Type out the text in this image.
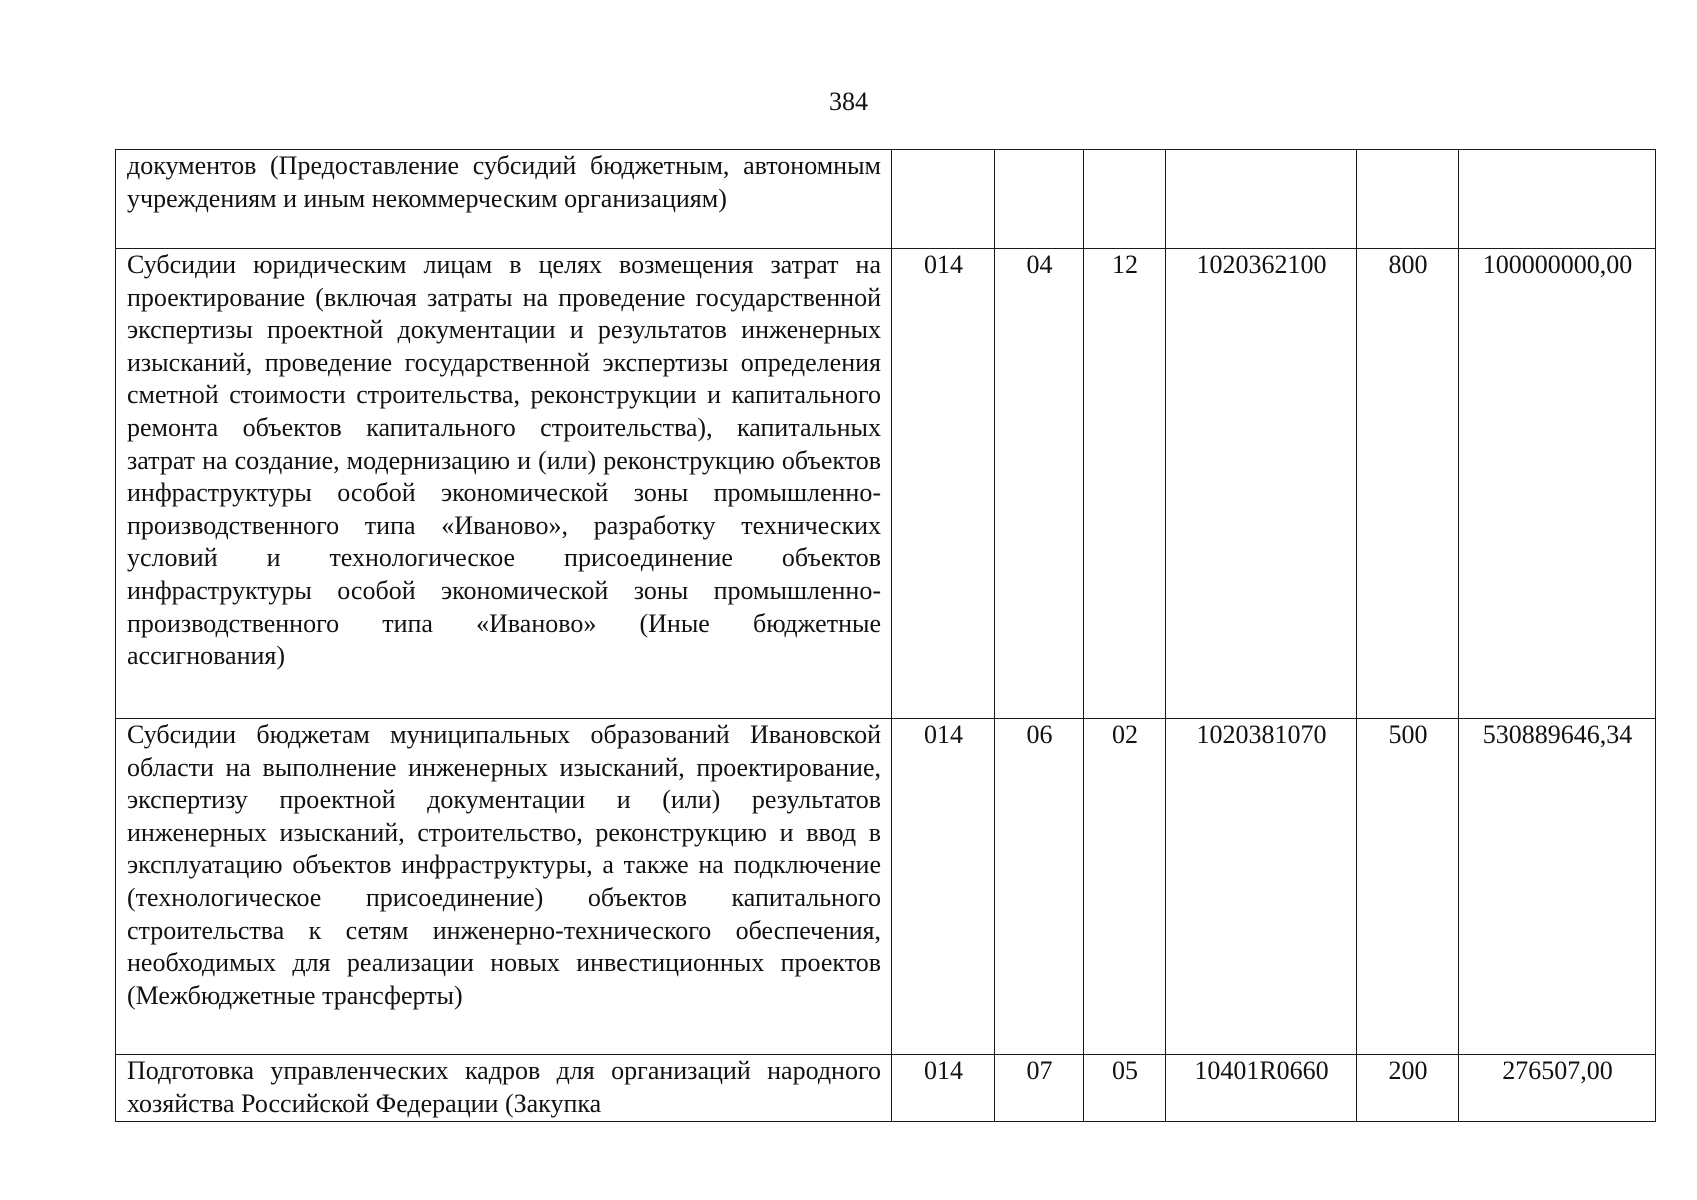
384
документов (Предоставление субсидий бюджетным, автономным учреждениям и иным некоммерческим организациям)						
Субсидии юридическим лицам в целях возмещения затрат на проектирование (включая затраты на проведение государственной экспертизы проектной документации и результатов инженерных изысканий, проведение государственной экспертизы определения сметной стоимости строительства, реконструкции и капитального ремонта объектов капитального строительства), капитальных затрат на создание, модернизацию и (или) реконструкцию объектов инфраструктуры особой экономической зоны промышленно-производственного типа «Иваново», разработку технических условий и технологическое присоединение объектов инфраструктуры особой экономической зоны промышленно-производственного типа «Иваново» (Иные бюджетные ассигнования)	014	04	12	1020362100	800	100000000,00
Субсидии бюджетам муниципальных образований Ивановской области на выполнение инженерных изысканий, проектирование, экспертизу проектной документации и (или) результатов инженерных изысканий, строительство, реконструкцию и ввод в эксплуатацию объектов инфраструктуры, а также на подключение (технологическое присоединение) объектов капитального строительства к сетям инженерно-технического обеспечения, необходимых для реализации новых инвестиционных проектов (Межбюджетные трансферты)	014	06	02	1020381070	500	530889646,34
Подготовка управленческих кадров для организаций народного хозяйства Российской Федерации (Закупка	014	07	05	10401R0660	200	276507,00
